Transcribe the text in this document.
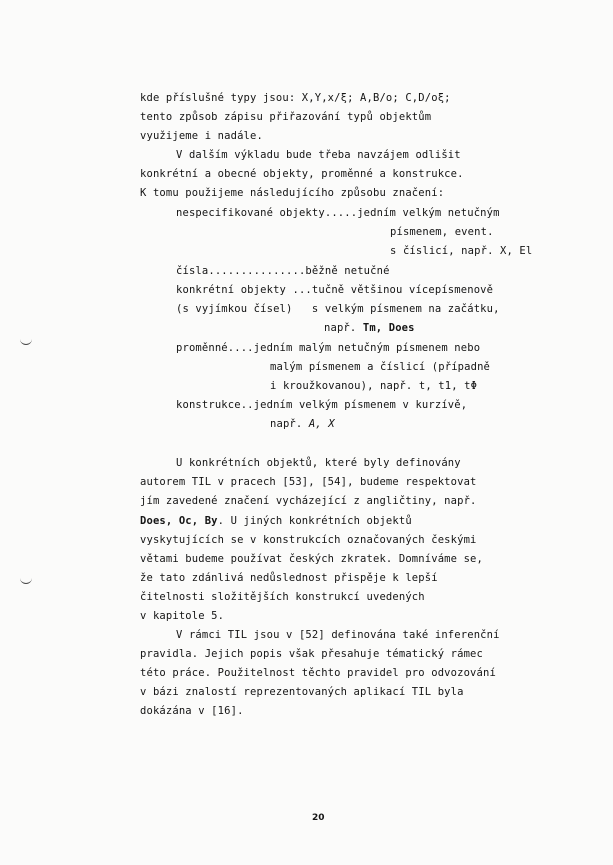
kde příslušné typy jsou: X,Y,x/ξ; A,B/o; C,D/oξ;
tento způsob zápisu přiřazování typů objektům
využijeme i nadále.
V dalším výkladu bude třeba navzájem odlišit
konkrétní a obecné objekty, proměnné a konstrukce.
K tomu použijeme následujícího způsobu značení:
nespecifikované objekty.....jedním velkým netučným
písmenem, event.
s číslicí, např. X, El
čísla...............běžně netučné
konkrétní objekty ...tučně většinou vícepísmenově
(s vyjímkou čísel)   s velkým písmenem na začátku,
např. Tm, Does
proměnné....jedním malým netučným písmenem nebo
malým písmenem a číslicí (případně
i kroužkovanou), např. t, t1, tΦ
konstrukce..jedním velkým písmenem v kurzívě,
např. A, X
U konkrétních objektů, které byly definovány
autorem TIL v pracech [53], [54], budeme respektovat
jím zavedené značení vycházející z angličtiny, např.
Does, Oc, By. U jiných konkrétních objektů
vyskytujících se v konstrukcích označovaných českými
větami budeme používat českých zkratek. Domníváme se,
že tato zdánlivá nedůslednost přispěje k lepší
čitelnosti složitějších konstrukcí uvedených
v kapitole 5.
V rámci TIL jsou v [52] definována také inferenční
pravidla. Jejich popis však přesahuje tématický rámec
této práce. Použitelnost těchto pravidel pro odvozování
v bázi znalostí reprezentovaných aplikací TIL byla
dokázána v [16].
20
